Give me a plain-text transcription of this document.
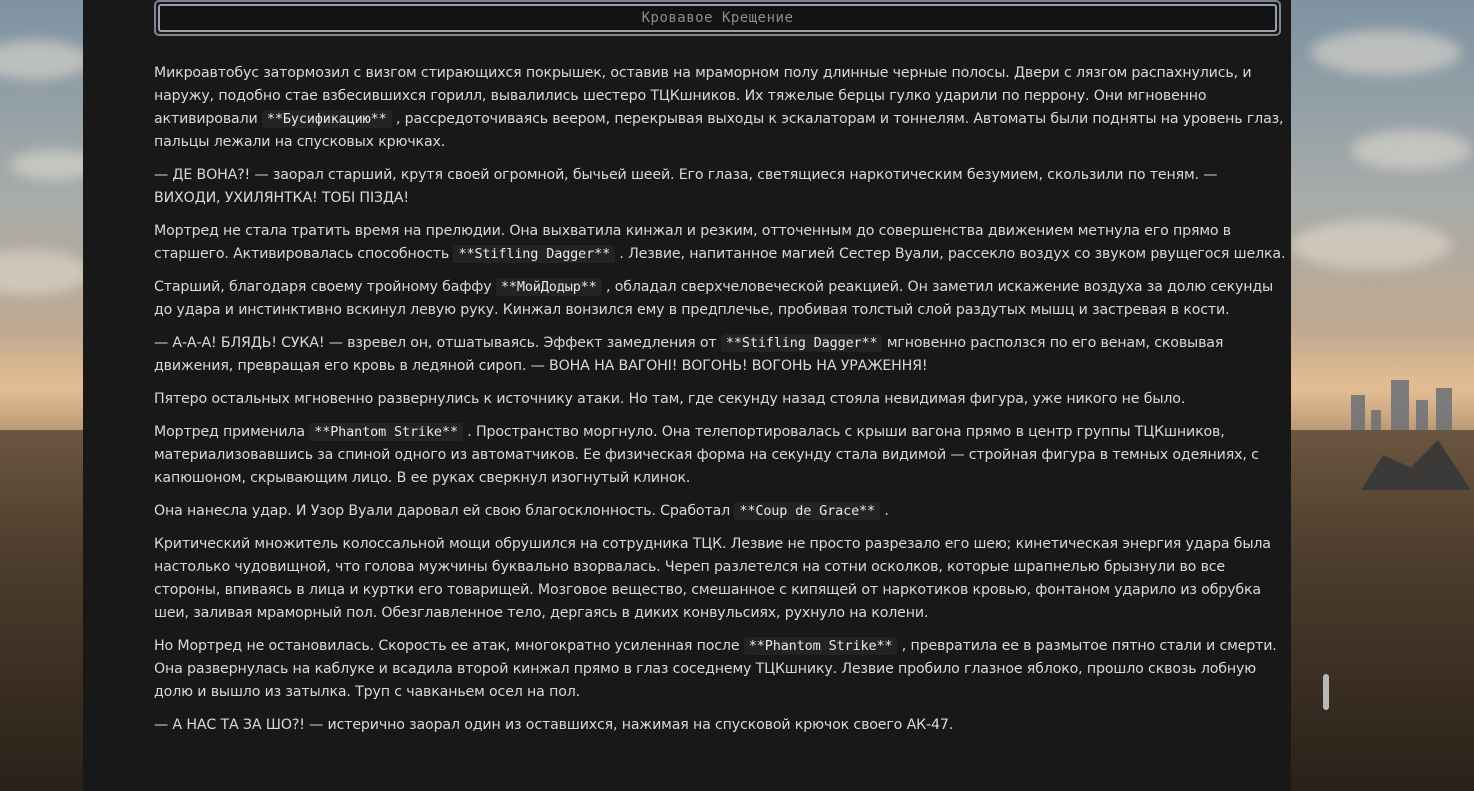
Кровавое Крещение

Микроавтобус затормозил с визгом стирающихся покрышек, оставив на мраморном полу длинные черные полосы. Двери с лязгом распахнулись, и наружу, подобно стае взбесившихся горилл, вывалились шестеро ТЦКшников. Их тяжелые берцы гулко ударили по перрону. Они мгновенно активировали **Бусификацию** , рассредоточиваясь веером, перекрывая выходы к эскалаторам и тоннелям. Автоматы были подняты на уровень глаз, пальцы лежали на спусковых крючках.

— ДЕ ВОНА?! — заорал старший, крутя своей огромной, бычьей шеей. Его глаза, светящиеся наркотическим безумием, скользили по теням. — ВИХОДИ, УХИЛЯНТКА! ТОБІ ПІЗДА!

Мортред не стала тратить время на прелюдии. Она выхватила кинжал и резким, отточенным до совершенства движением метнула его прямо в старшего. Активировалась способность **Stifling Dagger** . Лезвие, напитанное магией Сестер Вуали, рассекло воздух со звуком рвущегося шелка.

Старший, благодаря своему тройному баффу **МойДодыр** , обладал сверхчеловеческой реакцией. Он заметил искажение воздуха за долю секунды до удара и инстинктивно вскинул левую руку. Кинжал вонзился ему в предплечье, пробивая толстый слой раздутых мышц и застревая в кости.

— А-А-А! БЛЯДЬ! СУКА! — взревел он, отшатываясь. Эффект замедления от **Stifling Dagger** мгновенно расползся по его венам, сковывая движения, превращая его кровь в ледяной сироп. — ВОНА НА ВАГОНІ! ВОГОНЬ! ВОГОНЬ НА УРАЖЕННЯ!

Пятеро остальных мгновенно развернулись к источнику атаки. Но там, где секунду назад стояла невидимая фигура, уже никого не было.

Мортред применила **Phantom Strike** . Пространство моргнуло. Она телепортировалась с крыши вагона прямо в центр группы ТЦКшников, материализовавшись за спиной одного из автоматчиков. Ее физическая форма на секунду стала видимой — стройная фигура в темных одеяниях, с капюшоном, скрывающим лицо. В ее руках сверкнул изогнутый клинок.

Она нанесла удар. И Узор Вуали даровал ей свою благосклонность. Сработал **Coup de Grace** .

Критический множитель колоссальной мощи обрушился на сотрудника ТЦК. Лезвие не просто разрезало его шею; кинетическая энергия удара была настолько чудовищной, что голова мужчины буквально взорвалась. Череп разлетелся на сотни осколков, которые шрапнелью брызнули во все стороны, впиваясь в лица и куртки его товарищей. Мозговое вещество, смешанное с кипящей от наркотиков кровью, фонтаном ударило из обрубка шеи, заливая мраморный пол. Обезглавленное тело, дергаясь в диких конвульсиях, рухнуло на колени.

Но Мортред не остановилась. Скорость ее атак, многократно усиленная после **Phantom Strike** , превратила ее в размытое пятно стали и смерти. Она развернулась на каблуке и всадила второй кинжал прямо в глаз соседнему ТЦКшнику. Лезвие пробило глазное яблоко, прошло сквозь лобную долю и вышло из затылка. Труп с чавканьем осел на пол.

— А НАС ТА ЗА ШО?! — истерично заорал один из оставшихся, нажимая на спусковой крючок своего АК-47.
